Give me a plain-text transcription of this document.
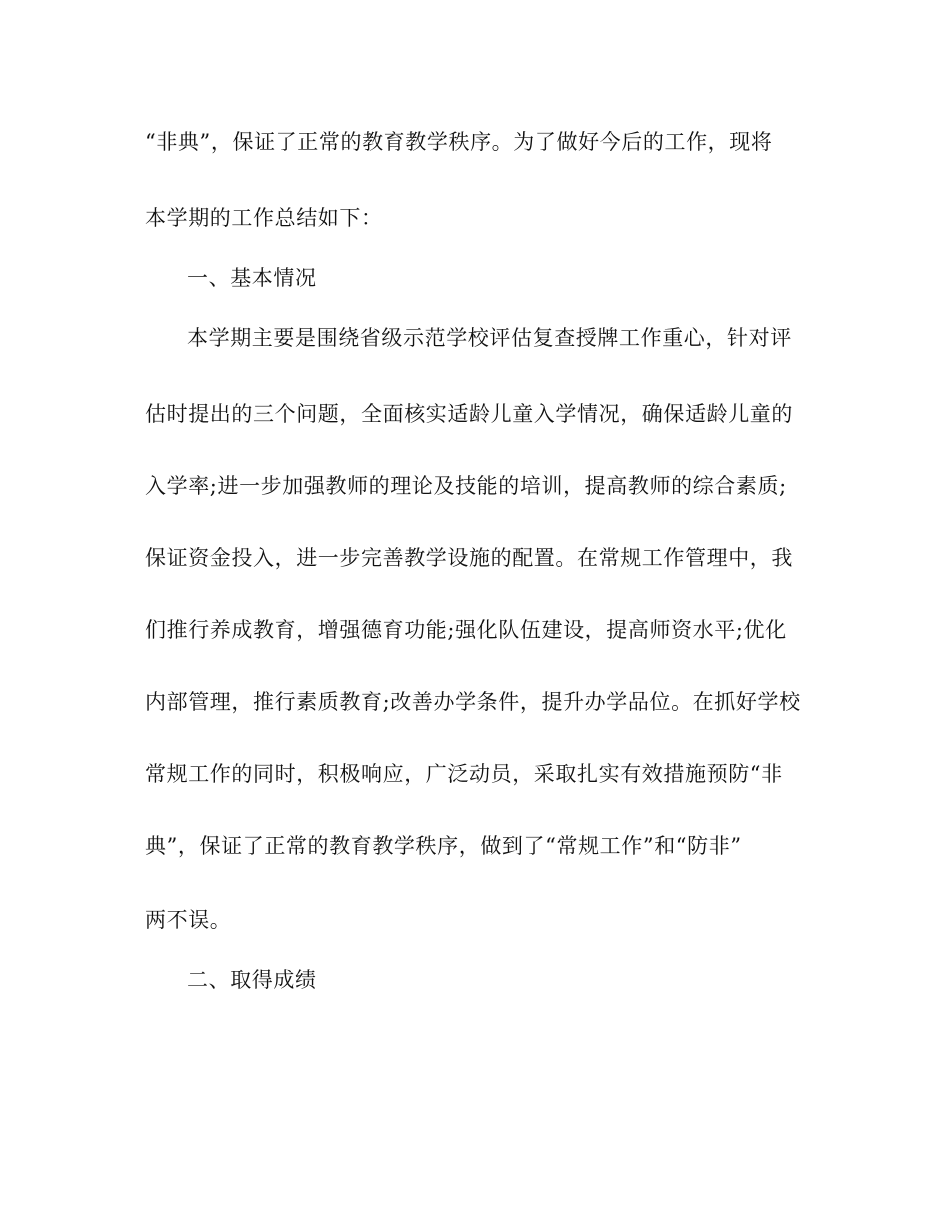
“非典”，保证了正常的教育教学秩序。为了做好今后的工作，现将
本学期的工作总结如下：
一、基本情况
本学期主要是围绕省级示范学校评估复查授牌工作重心，针对评
估时提出的三个问题，全面核实适龄儿童入学情况，确保适龄儿童的
入学率;进一步加强教师的理论及技能的培训，提高教师的综合素质;
保证资金投入，进一步完善教学设施的配置。在常规工作管理中，我
们推行养成教育，增强德育功能;强化队伍建设，提高师资水平;优化
内部管理，推行素质教育;改善办学条件，提升办学品位。在抓好学校
常规工作的同时，积极响应，广泛动员，采取扎实有效措施预防“非
典”，保证了正常的教育教学秩序，做到了“常规工作”和“防非”
两不误。
二、取得成绩
